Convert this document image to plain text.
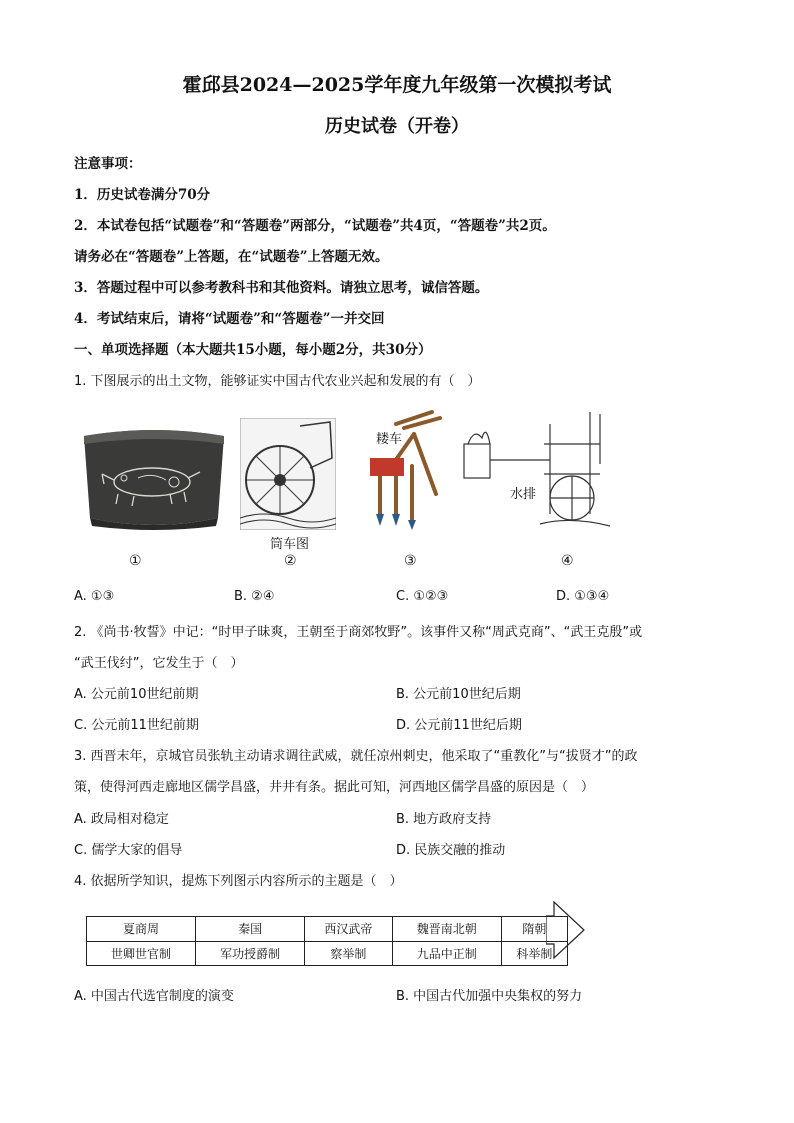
霍邱县2024—2025学年度九年级第一次模拟考试
历史试卷（开卷）
注意事项：
1．历史试卷满分70分
2．本试卷包括“试题卷”和“答题卷”两部分，“试题卷”共4页，“答题卷”共2页。
请务必在“答题卷”上答题，在“试题卷”上答题无效。
3．答题过程中可以参考教科书和其他资料。请独立思考，诚信答题。
4．考试结束后，请将“试题卷”和“答题卷”一并交回
一、单项选择题（本大题共15小题，每小题2分，共30分）
1. 下图展示的出土文物，能够证实中国古代农业兴起和发展的有（　）
筒车图
耧车
水排
①	②	③	④
A. ①③	B. ②④	C. ①②③	D. ①③④
2. 《尚书·牧誓》中记：“时甲子昧爽，王朝至于商郊牧野”。该事件又称“周武克商”、“武王克殷”或
“武王伐纣”，它发生于（　）
A. 公元前10世纪前期	B. 公元前10世纪后期
C. 公元前11世纪前期	D. 公元前11世纪后期
3. 西晋末年，京城官员张轨主动请求调往武威，就任凉州刺史，他采取了“重教化”与“拔贤才”的政
策，使得河西走廊地区儒学昌盛，井井有条。据此可知，河西地区儒学昌盛的原因是（　）
A. 政局相对稳定	B. 地方政府支持
C. 儒学大家的倡导	D. 民族交融的推动
4. 依据所学知识，提炼下列图示内容所示的主题是（　）
夏商周	秦国	西汉武帝	魏晋南北朝	隋朝
世卿世官制	军功授爵制	察举制	九品中正制	科举制
A. 中国古代选官制度的演变	B. 中国古代加强中央集权的努力
